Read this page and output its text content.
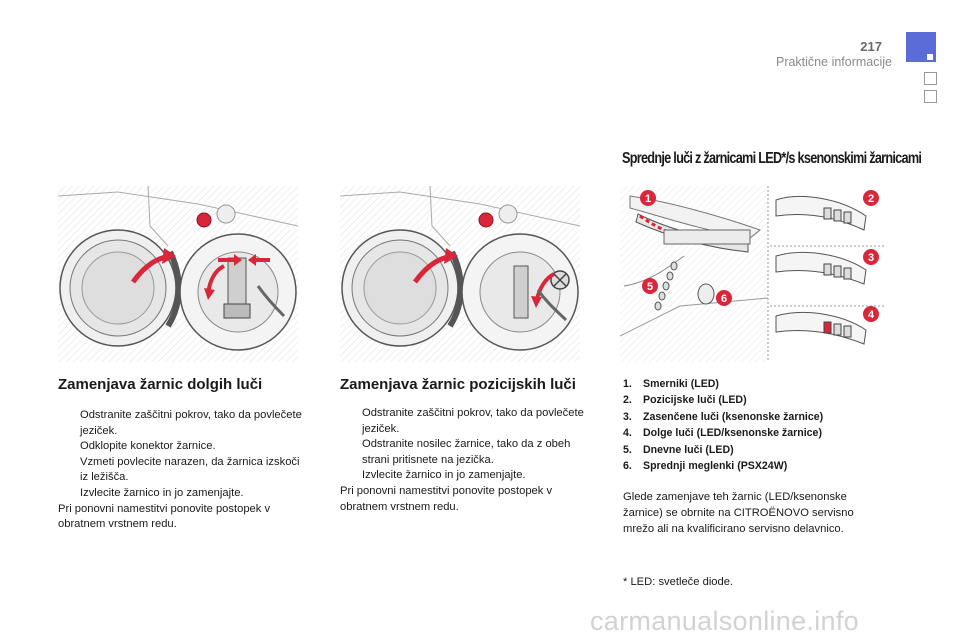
217
Praktične informacije
Sprednje luči z žarnicami LED*/s ksenonskimi žarnicami
1	2
3
4
5
6
Zamenjava žarnic dolgih luči
Odstranite zaščitni pokrov, tako da povlečete jeziček.
Odklopite konektor žarnice.
Vzmeti povlecite narazen, da žarnica izskoči iz ležišča.
Izvlecite žarnico in jo zamenjajte.
Pri ponovni namestitvi ponovite postopek v obratnem vrstnem redu.
Zamenjava žarnic pozicijskih luči
Odstranite zaščitni pokrov, tako da povlečete jeziček.
Odstranite nosilec žarnice, tako da z obeh strani pritisnete na jezička.
Izvlecite žarnico in jo zamenjajte.
Pri ponovni namestitvi ponovite postopek v obratnem vrstnem redu.
1. Smerniki (LED)
2. Pozicijske luči (LED)
3. Zasenčene luči (ksenonske žarnice)
4. Dolge luči (LED/ksenonske žarnice)
5. Dnevne luči (LED)
6. Sprednji meglenki (PSX24W)
Glede zamenjave teh žarnic (LED/ksenonske žarnice) se obrnite na CITROËNOVO servisno mrežo ali na kvalificirano servisno delavnico.
* LED: svetleče diode.
carmanualsonline.info
